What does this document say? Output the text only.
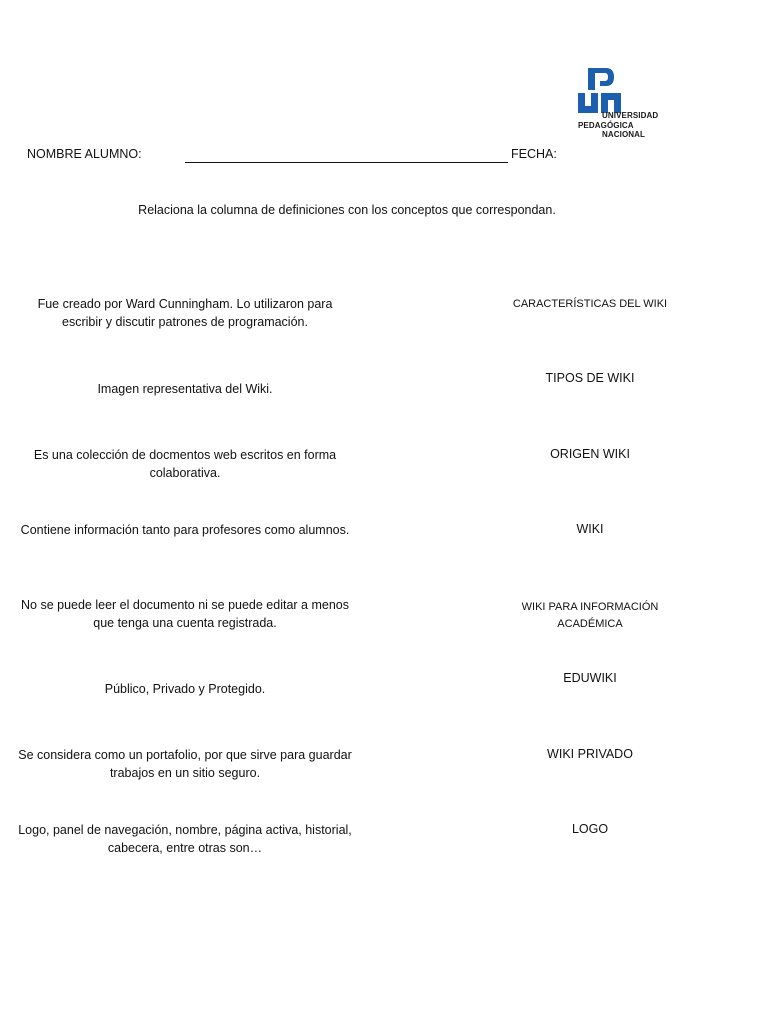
UNIVERSIDAD
PEDAGÓGICA
NACIONAL
NOMBRE ALUMNO:	FECHA:
Relaciona la columna de definiciones con los conceptos que correspondan.
Fue creado por Ward Cunningham. Lo utilizaron para escribir y discutir patrones de programación.
Imagen representativa del Wiki.
Es una colección de docmentos web escritos en forma colaborativa.
Contiene información tanto para profesores como alumnos.
No se puede leer el documento ni se puede editar a menos que tenga una cuenta registrada.
Público, Privado y Protegido.
Se considera como un portafolio, por que sirve para guardar trabajos en un sitio seguro.
Logo, panel de navegación, nombre, página activa, historial, cabecera, entre otras son…
CARACTERÍSTICAS DEL WIKI
TIPOS DE WIKI
ORIGEN WIKI
WIKI
WIKI PARA INFORMACIÓN ACADÉMICA
EDUWIKI
WIKI PRIVADO
LOGO
